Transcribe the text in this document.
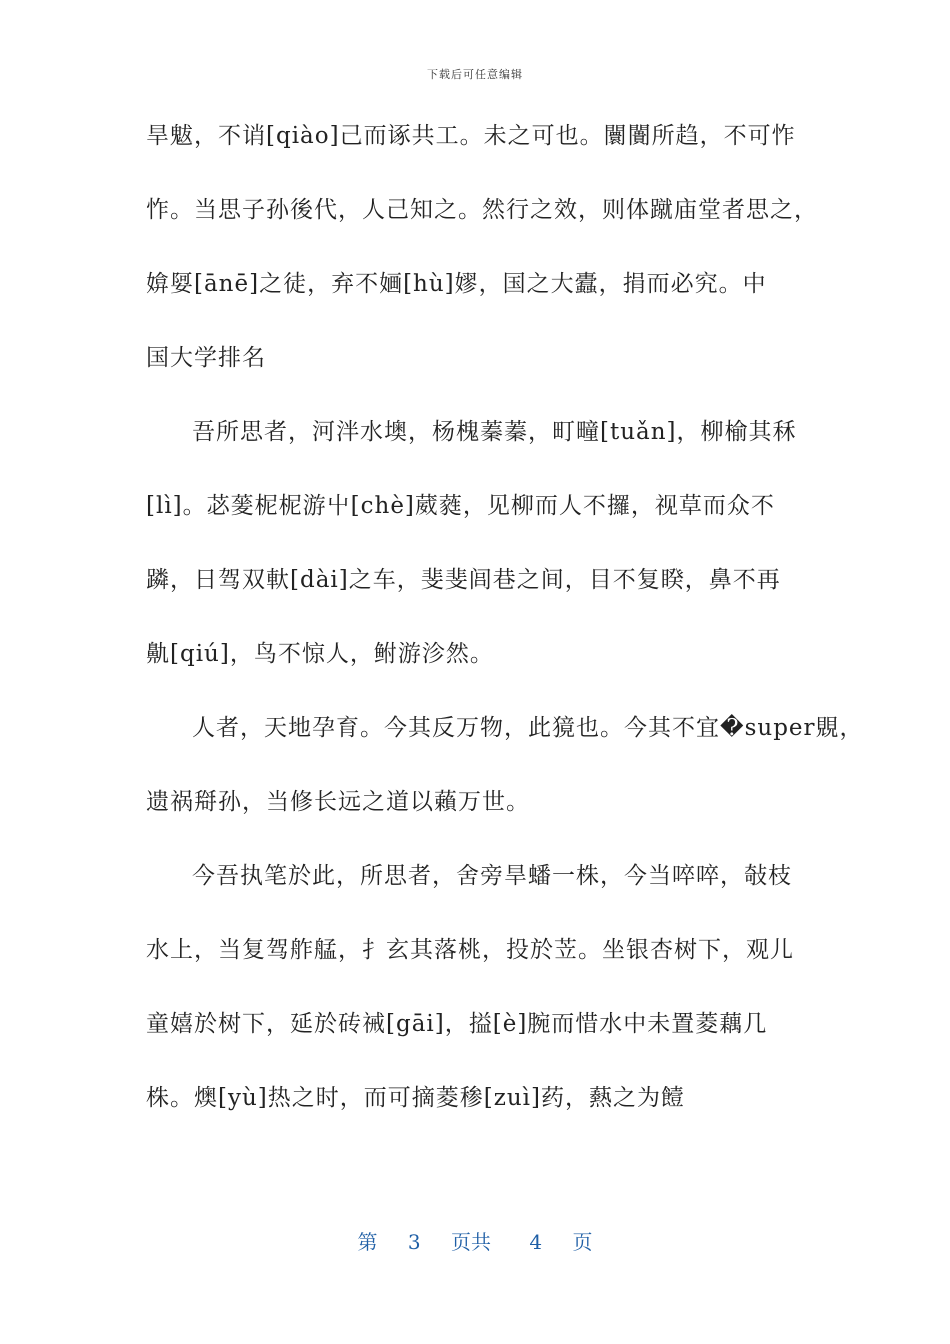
下载后可任意编辑
旱魃，不诮[qiào]己而诼共工。未之可也。闤闠所趋，不可怍
怍。当思子孙後代，人己知之。然行之效，则体蹴庙堂者思之，
媕娿[ānē]之徒，弃不婳[hù]嫪，国之大蠹，捐而必究。中
国大学排名
吾所思者，河泮水墺，杨槐蓁蓁，町疃[tuǎn]，柳榆其秝
[lì]。苾蓌柅柅游屮[chè]葳蕤，见柳而人不攞，视草而众不
蹸，日驾双軑[dài]之车，斐斐闾巷之间，目不复睽，鼻不再
鼽[qiú]，鸟不惊人，鲋游沴然。
人者，天地孕育。今其反万物，此獍也。今其不宜�super覞，
遗祸搿孙，当修长远之道以藾万世。
今吾执笔於此，所思者，舍旁旱蟠一株，今当啐啐，敧枝
水上，当复驾舴艋，扌玄其落桃，投於苙。坐银杏树下，观儿
童嬉於树下，延於砖祴[gāi]，搤[è]腕而惜水中未置菱藕几
株。燠[yù]热之时，而可摘菱䅟[zuì]药，爇之为饐
第 3 页共 4 页
